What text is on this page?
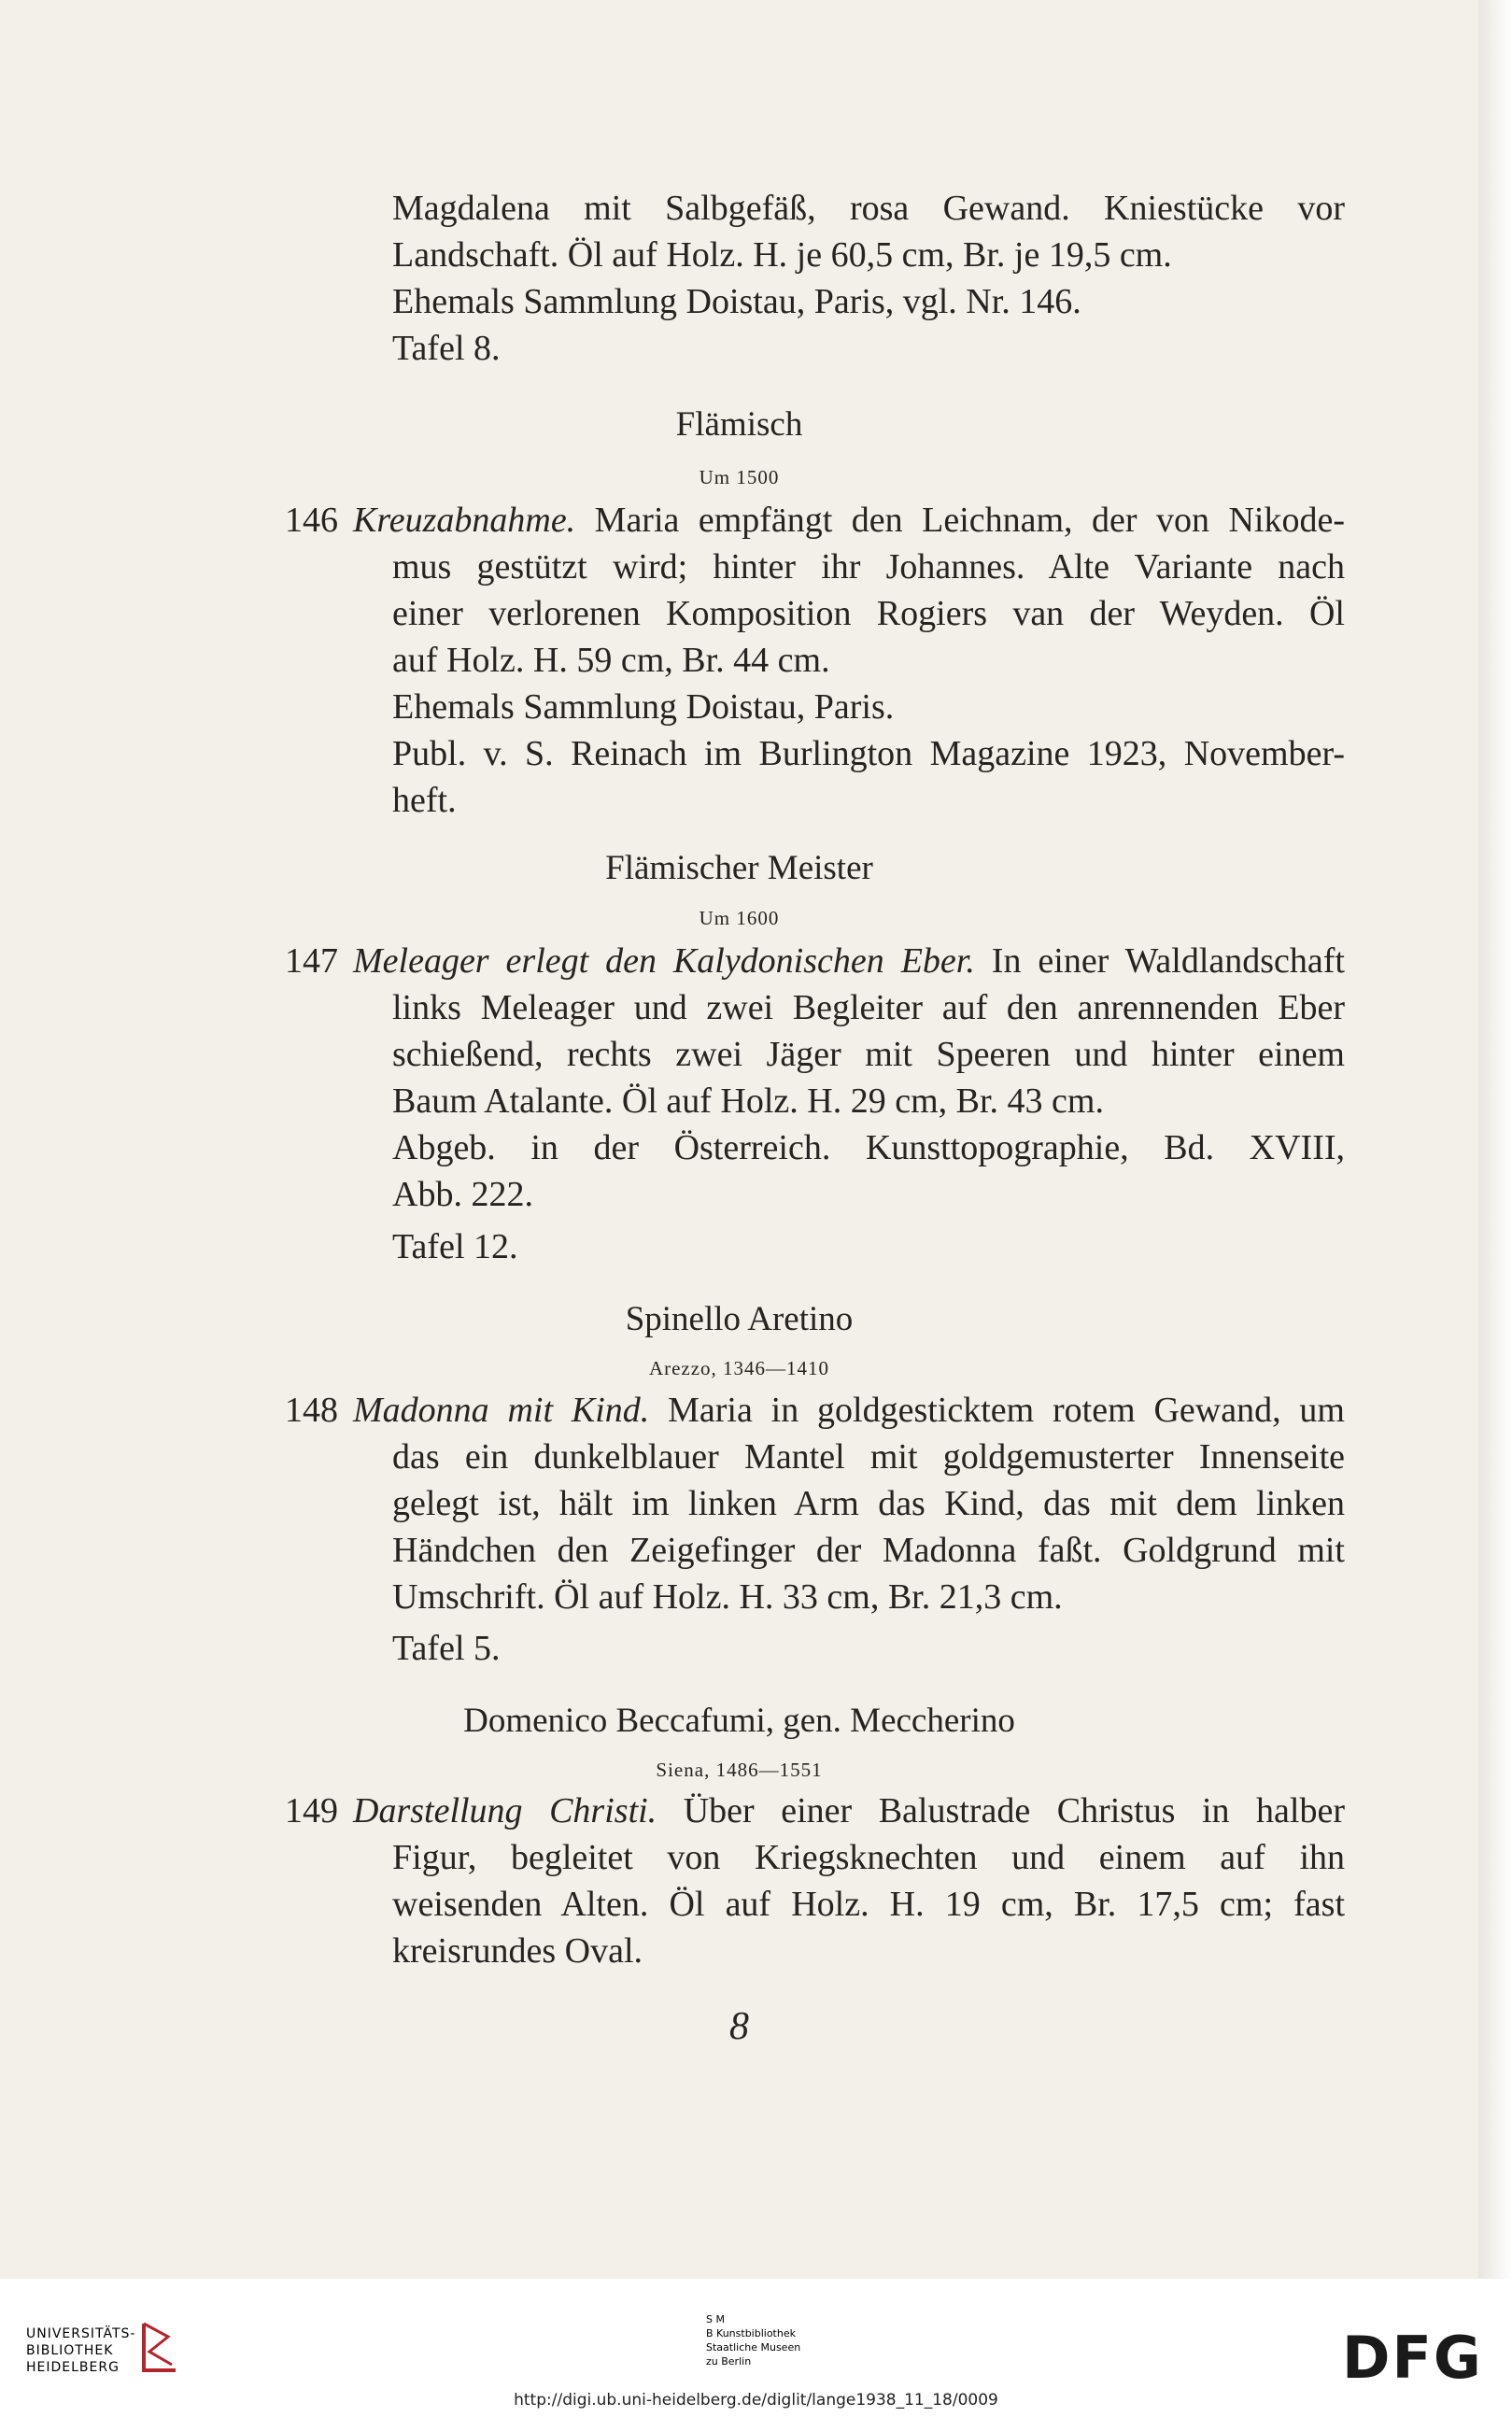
Magdalena mit Salbgefäß, rosa Gewand. Kniestücke vor
Landschaft. Öl auf Holz. H. je 60,5 cm, Br. je 19,5 cm.
Ehemals Sammlung Doistau, Paris, vgl. Nr. 146.
Tafel 8.
Flämisch
Um 1500
146 Kreuzabnahme. Maria empfängt den Leichnam, der von Nikode-
mus gestützt wird; hinter ihr Johannes. Alte Variante nach
einer verlorenen Komposition Rogiers van der Weyden. Öl
auf Holz. H. 59 cm, Br. 44 cm.
Ehemals Sammlung Doistau, Paris.
Publ. v. S. Reinach im Burlington Magazine 1923, November-
heft.
Flämischer Meister
Um 1600
147 Meleager erlegt den Kalydonischen Eber. In einer Waldlandschaft
links Meleager und zwei Begleiter auf den anrennenden Eber
schießend, rechts zwei Jäger mit Speeren und hinter einem
Baum Atalante. Öl auf Holz. H. 29 cm, Br. 43 cm.
Abgeb. in der Österreich. Kunsttopographie, Bd. XVIII,
Abb. 222.
Tafel 12.
Spinello Aretino
Arezzo, 1346—1410
148 Madonna mit Kind. Maria in goldgesticktem rotem Gewand, um
das ein dunkelblauer Mantel mit goldgemusterter Innenseite
gelegt ist, hält im linken Arm das Kind, das mit dem linken
Händchen den Zeigefinger der Madonna faßt. Goldgrund mit
Umschrift. Öl auf Holz. H. 33 cm, Br. 21,3 cm.
Tafel 5.
Domenico Beccafumi, gen. Meccherino
Siena, 1486—1551
149 Darstellung Christi. Über einer Balustrade Christus in halber
Figur, begleitet von Kriegsknechten und einem auf ihn
weisenden Alten. Öl auf Holz. H. 19 cm, Br. 17,5 cm; fast
kreisrundes Oval.
8
UNIVERSITÄTS-
BIBLIOTHEK
HEIDELBERG
S M
B Kunstbibliothek
Staatliche Museen
zu Berlin	DFG
http://digi.ub.uni-heidelberg.de/diglit/lange1938_11_18/0009
